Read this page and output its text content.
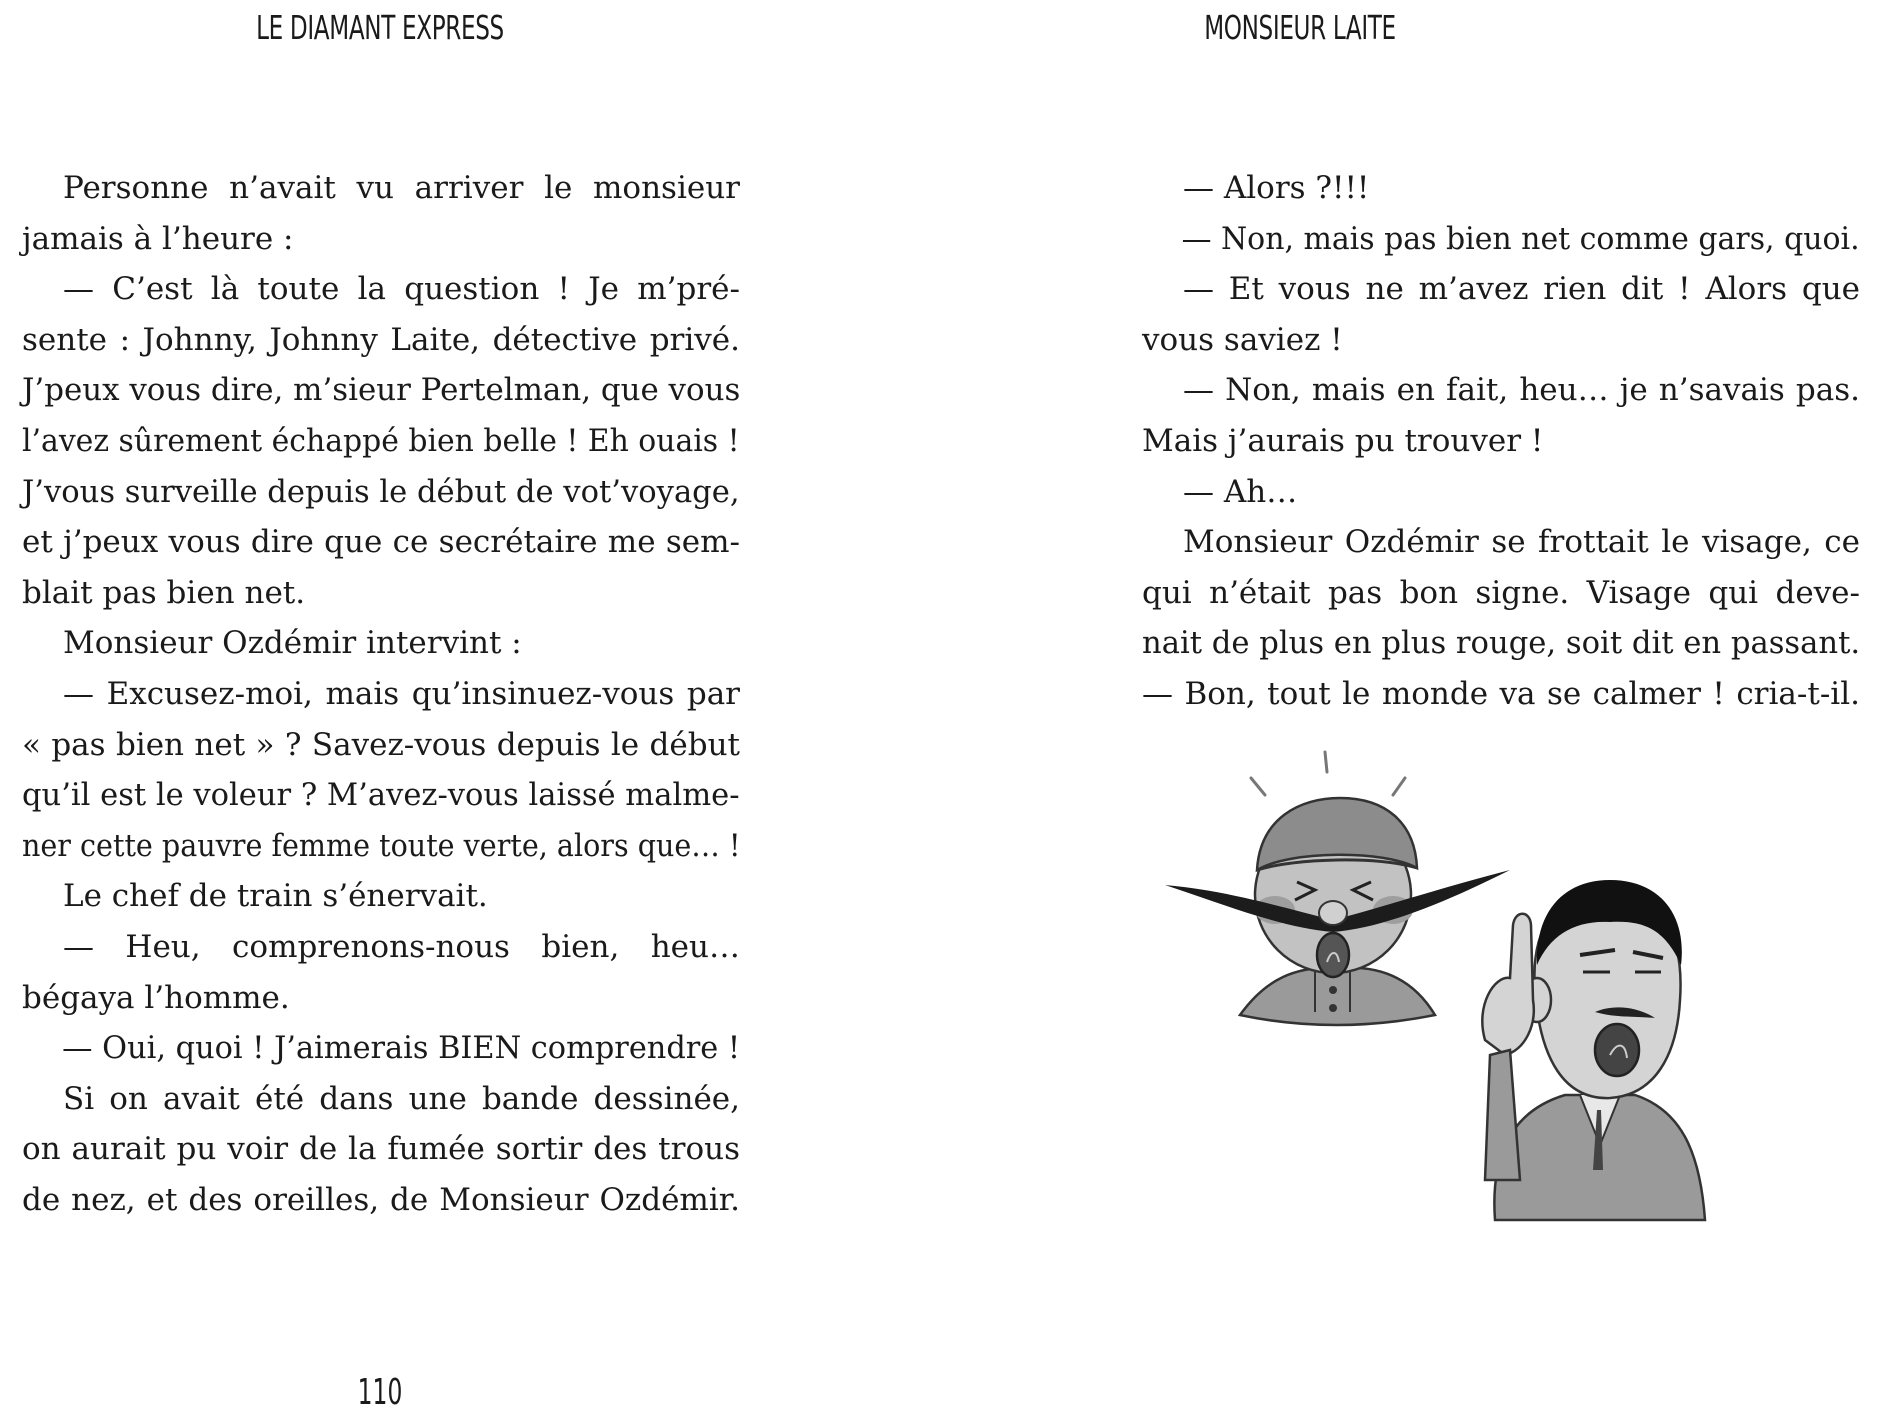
LE DIAMANT EXPRESS	MONSIEUR LAITE
Personne n’avait vu arriver le monsieur
jamais à l’heure :
— C’est là toute la question ! Je m’pré-
sente : Johnny, Johnny Laite, détective privé.
J’peux vous dire, m’sieur Pertelman, que vous
l’avez sûrement échappé bien belle ! Eh ouais !
J’vous surveille depuis le début de vot’voyage,
et j’peux vous dire que ce secrétaire me sem-
blait pas bien net.
Monsieur Ozdémir intervint :
— Excusez-moi, mais qu’insinuez-vous par
« pas bien net » ? Savez-vous depuis le début
qu’il est le voleur ? M’avez-vous laissé malme-
ner cette pauvre femme toute verte, alors que… !
Le chef de train s’énervait.
— Heu, comprenons-nous bien, heu…
bégaya l’homme.
— Oui, quoi ! J’aimerais BIEN comprendre !
Si on avait été dans une bande dessinée,
on aurait pu voir de la fumée sortir des trous
de nez, et des oreilles, de Monsieur Ozdémir.
— Alors ?!!!
— Non, mais pas bien net comme gars, quoi.
— Et vous ne m’avez rien dit ! Alors que
vous saviez !
— Non, mais en fait, heu… je n’savais pas.
Mais j’aurais pu trouver !
— Ah…
Monsieur Ozdémir se frottait le visage, ce
qui n’était pas bon signe. Visage qui deve-
nait de plus en plus rouge, soit dit en passant.
— Bon, tout le monde va se calmer ! cria-t-il.
110
